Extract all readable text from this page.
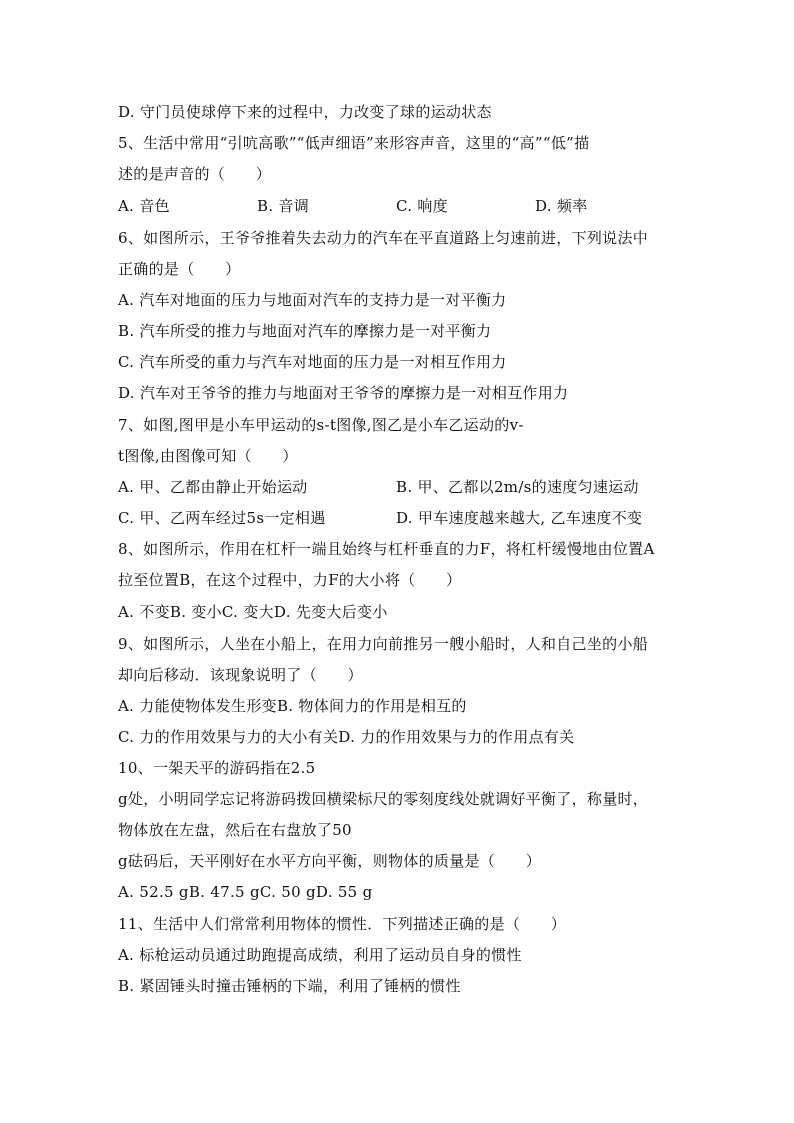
D. 守门员使球停下来的过程中，力改变了球的运动状态
5、生活中常用“引吭高歌”“低声细语”来形容声音，这里的“高”“低”描
述的是声音的（　　）
A. 音色	B. 音调	C. 响度	D. 频率
6、如图所示，王爷爷推着失去动力的汽车在平直道路上匀速前进，下列说法中
正确的是（　　）
A. 汽车对地面的压力与地面对汽车的支持力是一对平衡力
B. 汽车所受的推力与地面对汽车的摩擦力是一对平衡力
C. 汽车所受的重力与汽车对地面的压力是一对相互作用力
D. 汽车对王爷爷的推力与地面对王爷爷的摩擦力是一对相互作用力
7、如图,图甲是小车甲运动的s-t图像,图乙是小车乙运动的v-
t图像,由图像可知（　　）
A. 甲、乙都由静止开始运动	B. 甲、乙都以2m/s的速度匀速运动
C. 甲、乙两车经过5s一定相遇	D. 甲车速度越来越大, 乙车速度不变
8、如图所示，作用在杠杆一端且始终与杠杆垂直的力F，将杠杆缓慢地由位置A
拉至位置B，在这个过程中，力F的大小将（　　）
A. 不变B. 变小C. 变大D. 先变大后变小
9、如图所示，人坐在小船上，在用力向前推另一艘小船时，人和自己坐的小船
却向后移动．该现象说明了（　　）
A. 力能使物体发生形变B. 物体间力的作用是相互的
C. 力的作用效果与力的大小有关D. 力的作用效果与力的作用点有关
10、一架天平的游码指在2.5
g处，小明同学忘记将游码拨回横梁标尺的零刻度线处就调好平衡了，称量时，
物体放在左盘，然后在右盘放了50
g砝码后，天平刚好在水平方向平衡，则物体的质量是（　　）
A. 52.5 gB. 47.5 gC. 50 gD. 55 g
11、生活中人们常常利用物体的惯性．下列描述正确的是（　　）
A. 标枪运动员通过助跑提高成绩，利用了运动员自身的惯性
B. 紧固锤头时撞击锤柄的下端，利用了锤柄的惯性
